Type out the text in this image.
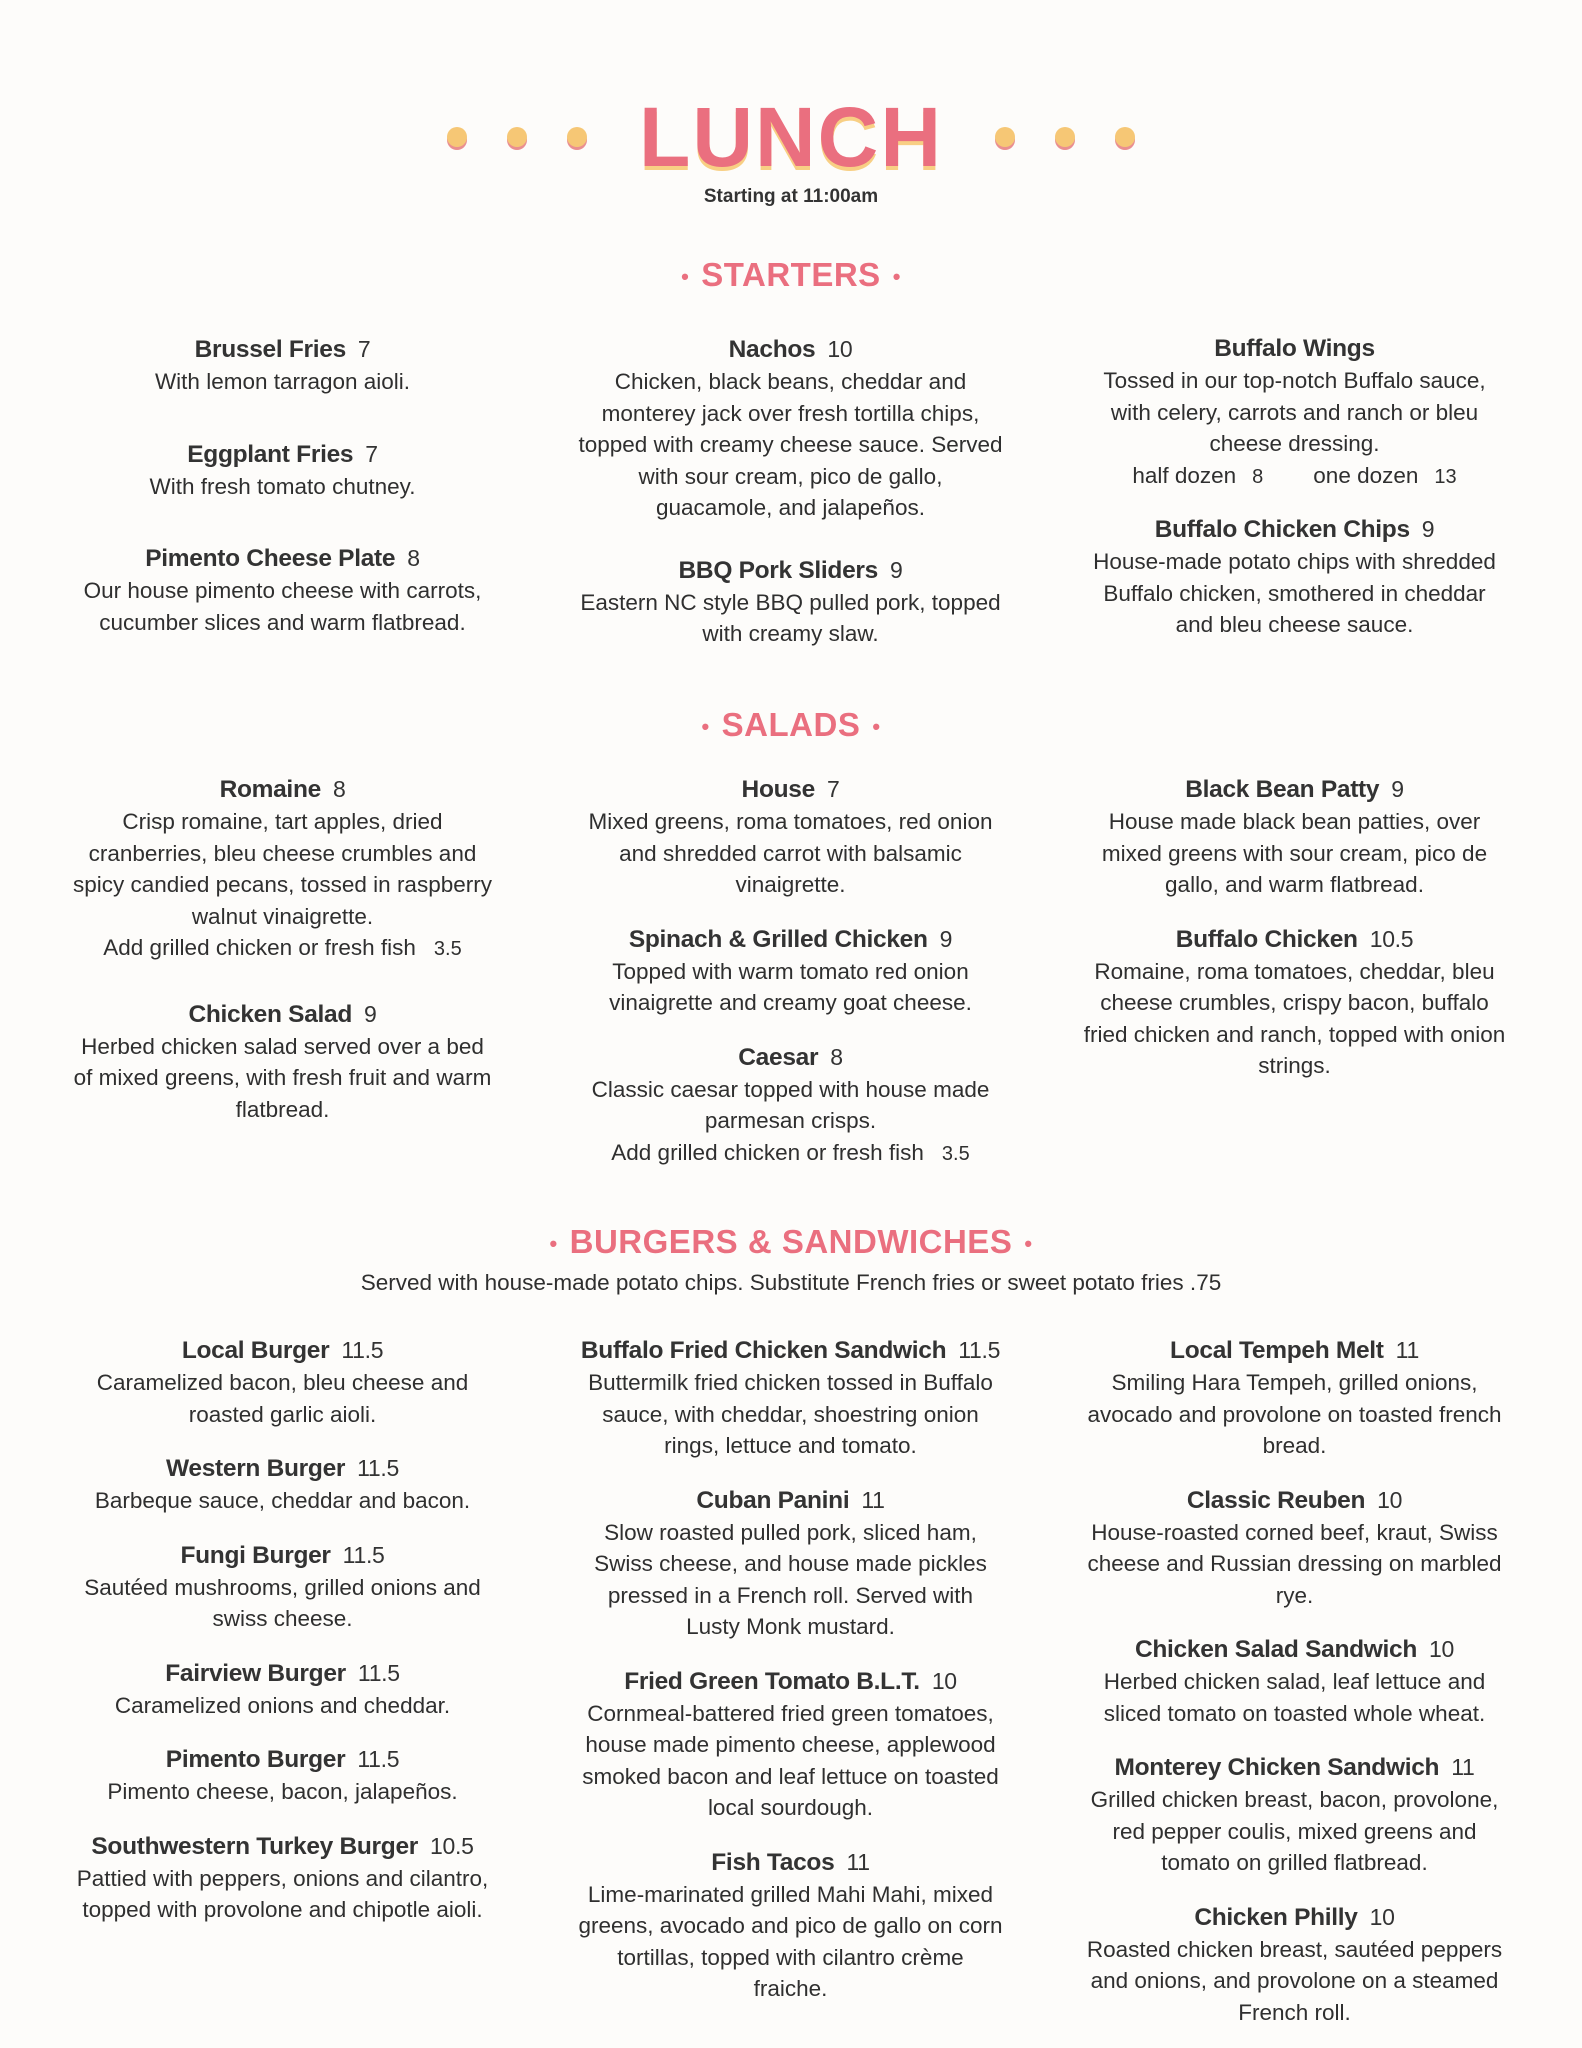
LUNCH
Starting at 11:00am
• STARTERS •
Brussel Fries 7
With lemon tarragon aioli.
Eggplant Fries 7
With fresh tomato chutney.
Pimento Cheese Plate 8
Our house pimento cheese with carrots, cucumber slices and warm flatbread.
Nachos 10
Chicken, black beans, cheddar and monterey jack over fresh tortilla chips, topped with creamy cheese sauce. Served with sour cream, pico de gallo, guacamole, and jalapeños.
BBQ Pork Sliders 9
Eastern NC style BBQ pulled pork, topped with creamy slaw.
Buffalo Wings
Tossed in our top-notch Buffalo sauce, with celery, carrots and ranch or bleu cheese dressing.
half dozen 8 one dozen 13
Buffalo Chicken Chips 9
House-made potato chips with shredded Buffalo chicken, smothered in cheddar and bleu cheese sauce.
• SALADS •
Romaine 8
Crisp romaine, tart apples, dried cranberries, bleu cheese crumbles and spicy candied pecans, tossed in raspberry walnut vinaigrette.
Add grilled chicken or fresh fish 3.5
Chicken Salad 9
Herbed chicken salad served over a bed of mixed greens, with fresh fruit and warm flatbread.
House 7
Mixed greens, roma tomatoes, red onion and shredded carrot with balsamic vinaigrette.
Spinach & Grilled Chicken 9
Topped with warm tomato red onion vinaigrette and creamy goat cheese.
Caesar 8
Classic caesar topped with house made parmesan crisps.
Add grilled chicken or fresh fish 3.5
Black Bean Patty 9
House made black bean patties, over mixed greens with sour cream, pico de gallo, and warm flatbread.
Buffalo Chicken 10.5
Romaine, roma tomatoes, cheddar, bleu cheese crumbles, crispy bacon, buffalo fried chicken and ranch, topped with onion strings.
• BURGERS & SANDWICHES •
Served with house-made potato chips. Substitute French fries or sweet potato fries .75
Local Burger 11.5
Caramelized bacon, bleu cheese and roasted garlic aioli.
Western Burger 11.5
Barbeque sauce, cheddar and bacon.
Fungi Burger 11.5
Sautéed mushrooms, grilled onions and swiss cheese.
Fairview Burger 11.5
Caramelized onions and cheddar.
Pimento Burger 11.5
Pimento cheese, bacon, jalapeños.
Southwestern Turkey Burger 10.5
Pattied with peppers, onions and cilantro, topped with provolone and chipotle aioli.
Buffalo Fried Chicken Sandwich 11.5
Buttermilk fried chicken tossed in Buffalo sauce, with cheddar, shoestring onion rings, lettuce and tomato.
Cuban Panini 11
Slow roasted pulled pork, sliced ham, Swiss cheese, and house made pickles pressed in a French roll. Served with Lusty Monk mustard.
Fried Green Tomato B.L.T. 10
Cornmeal-battered fried green tomatoes, house made pimento cheese, applewood smoked bacon and leaf lettuce on toasted local sourdough.
Fish Tacos 11
Lime-marinated grilled Mahi Mahi, mixed greens, avocado and pico de gallo on corn tortillas, topped with cilantro crème fraiche.
Local Tempeh Melt 11
Smiling Hara Tempeh, grilled onions, avocado and provolone on toasted french bread.
Classic Reuben 10
House-roasted corned beef, kraut, Swiss cheese and Russian dressing on marbled rye.
Chicken Salad Sandwich 10
Herbed chicken salad, leaf lettuce and sliced tomato on toasted whole wheat.
Monterey Chicken Sandwich 11
Grilled chicken breast, bacon, provolone, red pepper coulis, mixed greens and tomato on grilled flatbread.
Chicken Philly 10
Roasted chicken breast, sautéed peppers and onions, and provolone on a steamed French roll.
